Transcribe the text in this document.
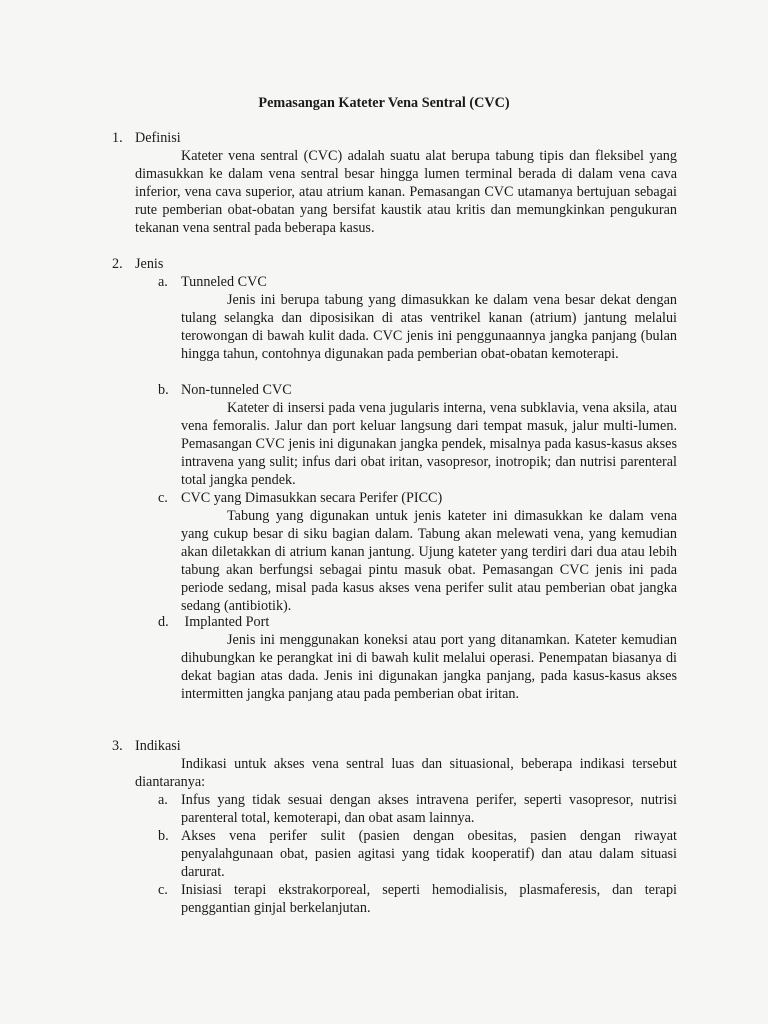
Pemasangan Kateter Vena Sentral (CVC)
1. Definisi
Kateter vena sentral (CVC) adalah suatu alat berupa tabung tipis dan fleksibel yang dimasukkan ke dalam vena sentral besar hingga lumen terminal berada di dalam vena cava inferior, vena cava superior, atau atrium kanan. Pemasangan CVC utamanya bertujuan sebagai rute pemberian obat-obatan yang bersifat kaustik atau kritis dan memungkinkan pengukuran tekanan vena sentral pada beberapa kasus.
2. Jenis
a. Tunneled CVC
Jenis ini berupa tabung yang dimasukkan ke dalam vena besar dekat dengan tulang selangka dan diposisikan di atas ventrikel kanan (atrium) jantung melalui terowongan di bawah kulit dada. CVC jenis ini penggunaannya jangka panjang (bulan hingga tahun, contohnya digunakan pada pemberian obat-obatan kemoterapi.
b. Non-tunneled CVC
Kateter di insersi pada vena jugularis interna, vena subklavia, vena aksila, atau vena femoralis. Jalur dan port keluar langsung dari tempat masuk, jalur multi-lumen. Pemasangan CVC jenis ini digunakan jangka pendek, misalnya pada kasus-kasus akses intravena yang sulit; infus dari obat iritan, vasopresor, inotropik; dan nutrisi parenteral total jangka pendek.
c. CVC yang Dimasukkan secara Perifer (PICC)
Tabung yang digunakan untuk jenis kateter ini dimasukkan ke dalam vena yang cukup besar di siku bagian dalam. Tabung akan melewati vena, yang kemudian akan diletakkan di atrium kanan jantung. Ujung kateter yang terdiri dari dua atau lebih tabung akan berfungsi sebagai pintu masuk obat. Pemasangan CVC jenis ini pada periode sedang, misal pada kasus akses vena perifer sulit atau pemberian obat jangka sedang (antibiotik).
d. Implanted Port
Jenis ini menggunakan koneksi atau port yang ditanamkan. Kateter kemudian dihubungkan ke perangkat ini di bawah kulit melalui operasi. Penempatan biasanya di dekat bagian atas dada. Jenis ini digunakan jangka panjang, pada kasus-kasus akses intermitten jangka panjang atau pada pemberian obat iritan.
3. Indikasi
Indikasi untuk akses vena sentral luas dan situasional, beberapa indikasi tersebut diantaranya:
a. Infus yang tidak sesuai dengan akses intravena perifer, seperti vasopresor, nutrisi parenteral total, kemoterapi, dan obat asam lainnya.
b. Akses vena perifer sulit (pasien dengan obesitas, pasien dengan riwayat penyalahgunaan obat, pasien agitasi yang tidak kooperatif) dan atau dalam situasi darurat.
c. Inisiasi terapi ekstrakorporeal, seperti hemodialisis, plasmaferesis, dan terapi penggantian ginjal berkelanjutan.
